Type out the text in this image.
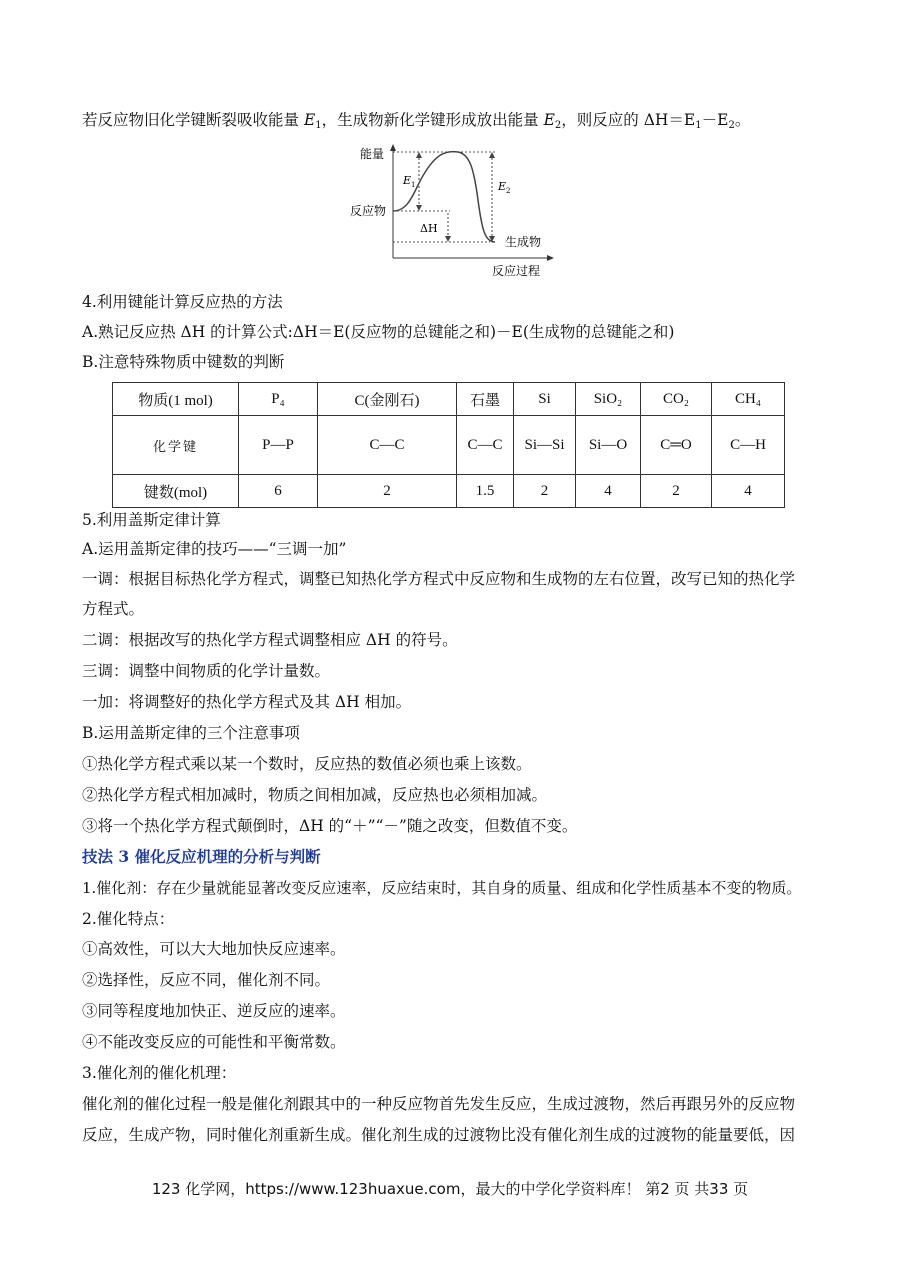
若反应物旧化学键断裂吸收能量 $E_1$，生成物新化学键形成放出能量 $E_2$，则反应的 $\Delta H=E_1-E_2$。
能量
反应物
生成物
反应过程
$E_1$	$E_2$
ΔH
4.利用键能计算反应热的方法
A.熟记反应热 ΔH 的计算公式:ΔH＝E(反应物的总键能之和)－E(生成物的总键能之和)
B.注意特殊物质中键数的判断
物质(1 mol)	P₄	C(金刚石)	石墨	Si	SiO₂	CO₂	CH₄
化学键	P—P	C—C	C—C	Si—Si	Si—O	C═O	C—H
键数(mol)	6	2	1.5	2	4	2	4
5.利用盖斯定律计算
A.运用盖斯定律的技巧——“三调一加”
一调：根据目标热化学方程式，调整已知热化学方程式中反应物和生成物的左右位置，改写已知的热化学
方程式。
二调：根据改写的热化学方程式调整相应 ΔH 的符号。
三调：调整中间物质的化学计量数。
一加：将调整好的热化学方程式及其 ΔH 相加。
B.运用盖斯定律的三个注意事项
①热化学方程式乘以某一个数时，反应热的数值必须也乘上该数。
②热化学方程式相加减时，物质之间相加减，反应热也必须相加减。
③将一个热化学方程式颠倒时，ΔH 的“＋”“－”随之改变，但数值不变。
技法 3 催化反应机理的分析与判断
1.催化剂：存在少量就能显著改变反应速率，反应结束时，其自身的质量、组成和化学性质基本不变的物质。
2.催化特点：
①高效性，可以大大地加快反应速率。
②选择性，反应不同，催化剂不同。
③同等程度地加快正、逆反应的速率。
④不能改变反应的可能性和平衡常数。
3.催化剂的催化机理：
催化剂的催化过程一般是催化剂跟其中的一种反应物首先发生反应，生成过渡物，然后再跟另外的反应物
反应，生成产物，同时催化剂重新生成。催化剂生成的过渡物比没有催化剂生成的过渡物的能量要低，因
123 化学网，https://www.123huaxue.com，最大的中学化学资料库！ 第2 页 共33 页
